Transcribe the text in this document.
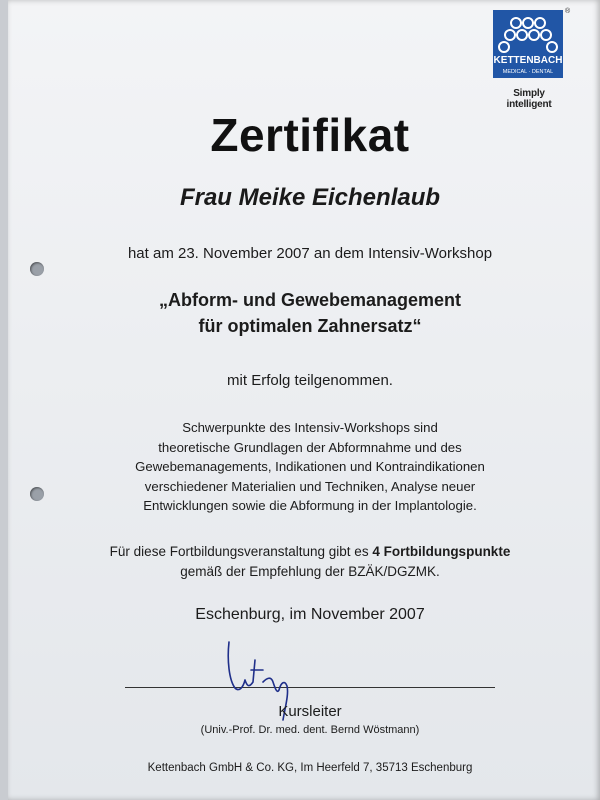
KETTENBACH
MEDICAL · DENTAL
®
Simply intelligent
Zertifikat
Frau Meike Eichenlaub
hat am 23. November 2007 an dem Intensiv-Workshop
„Abform- und Gewebemanagement
für optimalen Zahnersatz“
mit Erfolg teilgenommen.
Schwerpunkte des Intensiv-Workshops sind
theoretische Grundlagen der Abformnahme und des
Gewebemanagements, Indikationen und Kontraindikationen
verschiedener Materialien und Techniken, Analyse neuer
Entwicklungen sowie die Abformung in der Implantologie.
Für diese Fortbildungsveranstaltung gibt es 4 Fortbildungspunkte
gemäß der Empfehlung der BZÄK/DGZMK.
Eschenburg, im November 2007
Kursleiter
(Univ.-Prof. Dr. med. dent. Bernd Wöstmann)
Kettenbach GmbH & Co. KG, Im Heerfeld 7, 35713 Eschenburg
